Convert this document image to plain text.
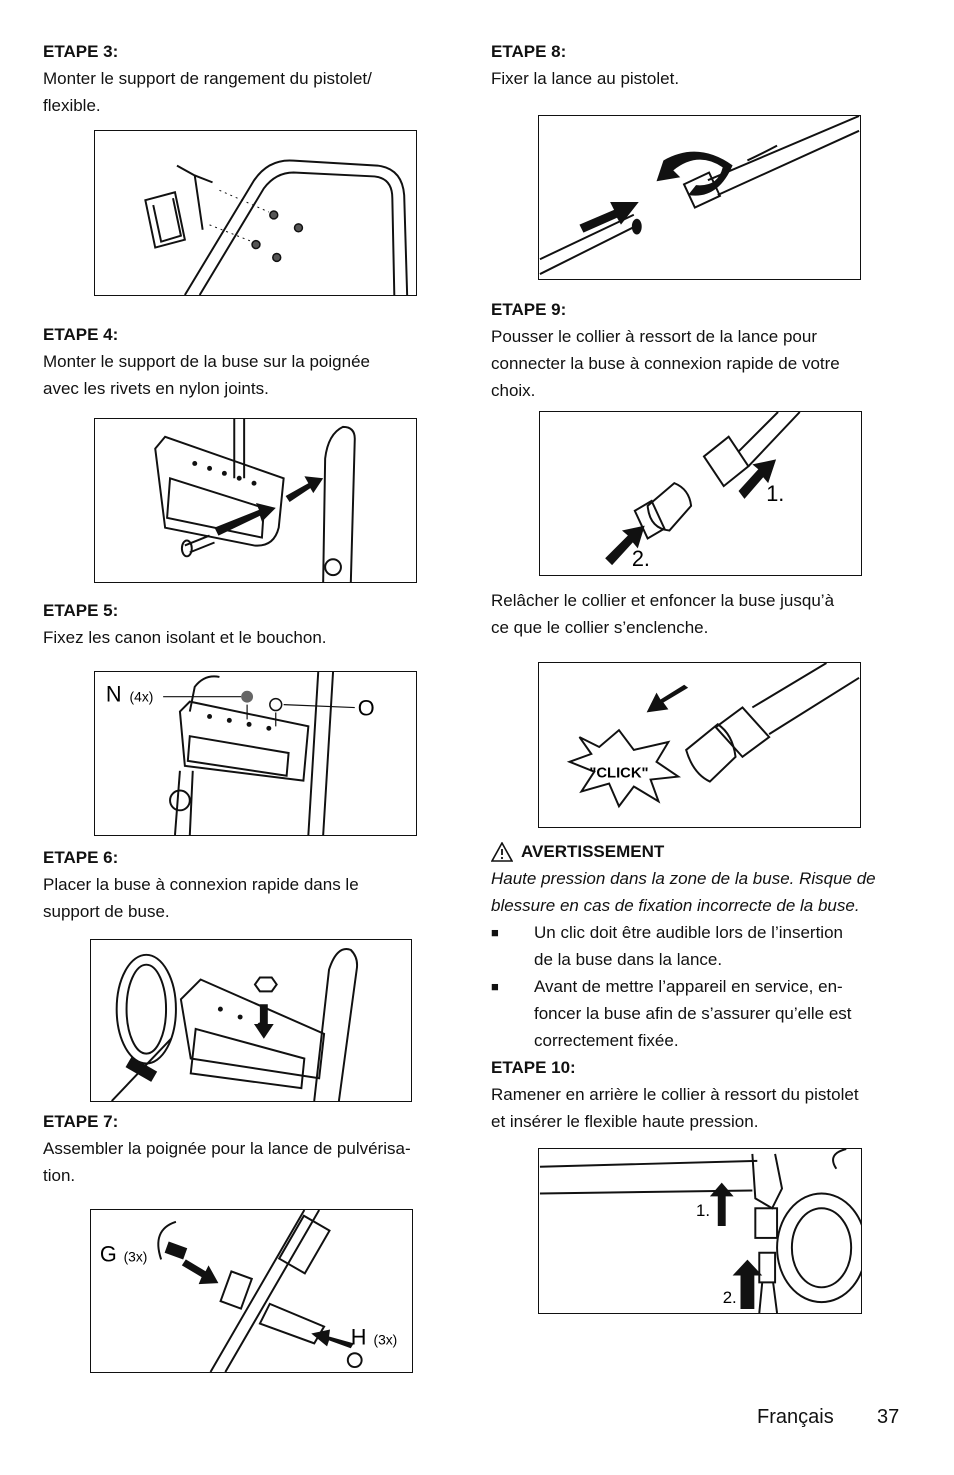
ETAPE 3:
Monter le support de rangement du pistolet/
flexible.
ETAPE 4:
Monter le support de la buse sur la poignée
avec les rivets en nylon joints.
ETAPE 5:
Fixez les canon isolant et le bouchon.
N (4x)	O
ETAPE 6:
Placer la buse à connexion rapide dans le
support de buse.
ETAPE 7:
Assembler la poignée pour la lance de pulvérisa-
tion.
G (3x)
H (3x)
ETAPE 8:
Fixer la lance au pistolet.
ETAPE 9:
Pousser le collier à ressort de la lance pour
connecter la buse à connexion rapide de votre
choix.
1.
2.
Relâcher le collier et enfoncer la buse jusqu’à
ce que le collier s’enclenche.
"CLICK"
AVERTISSEMENT
Haute pression dans la zone de la buse. Risque de
blessure en cas de fixation incorrecte de la buse.
■ Un clic doit être audible lors de l’insertion
de la buse dans la lance.
■ Avant de mettre l’appareil en service, en-
foncer la buse afin de s’assurer qu’elle est
correctement fixée.
ETAPE 10:
Ramener en arrière le collier à ressort du pistolet
et insérer le flexible haute pression.
1.
2.
Français 37
